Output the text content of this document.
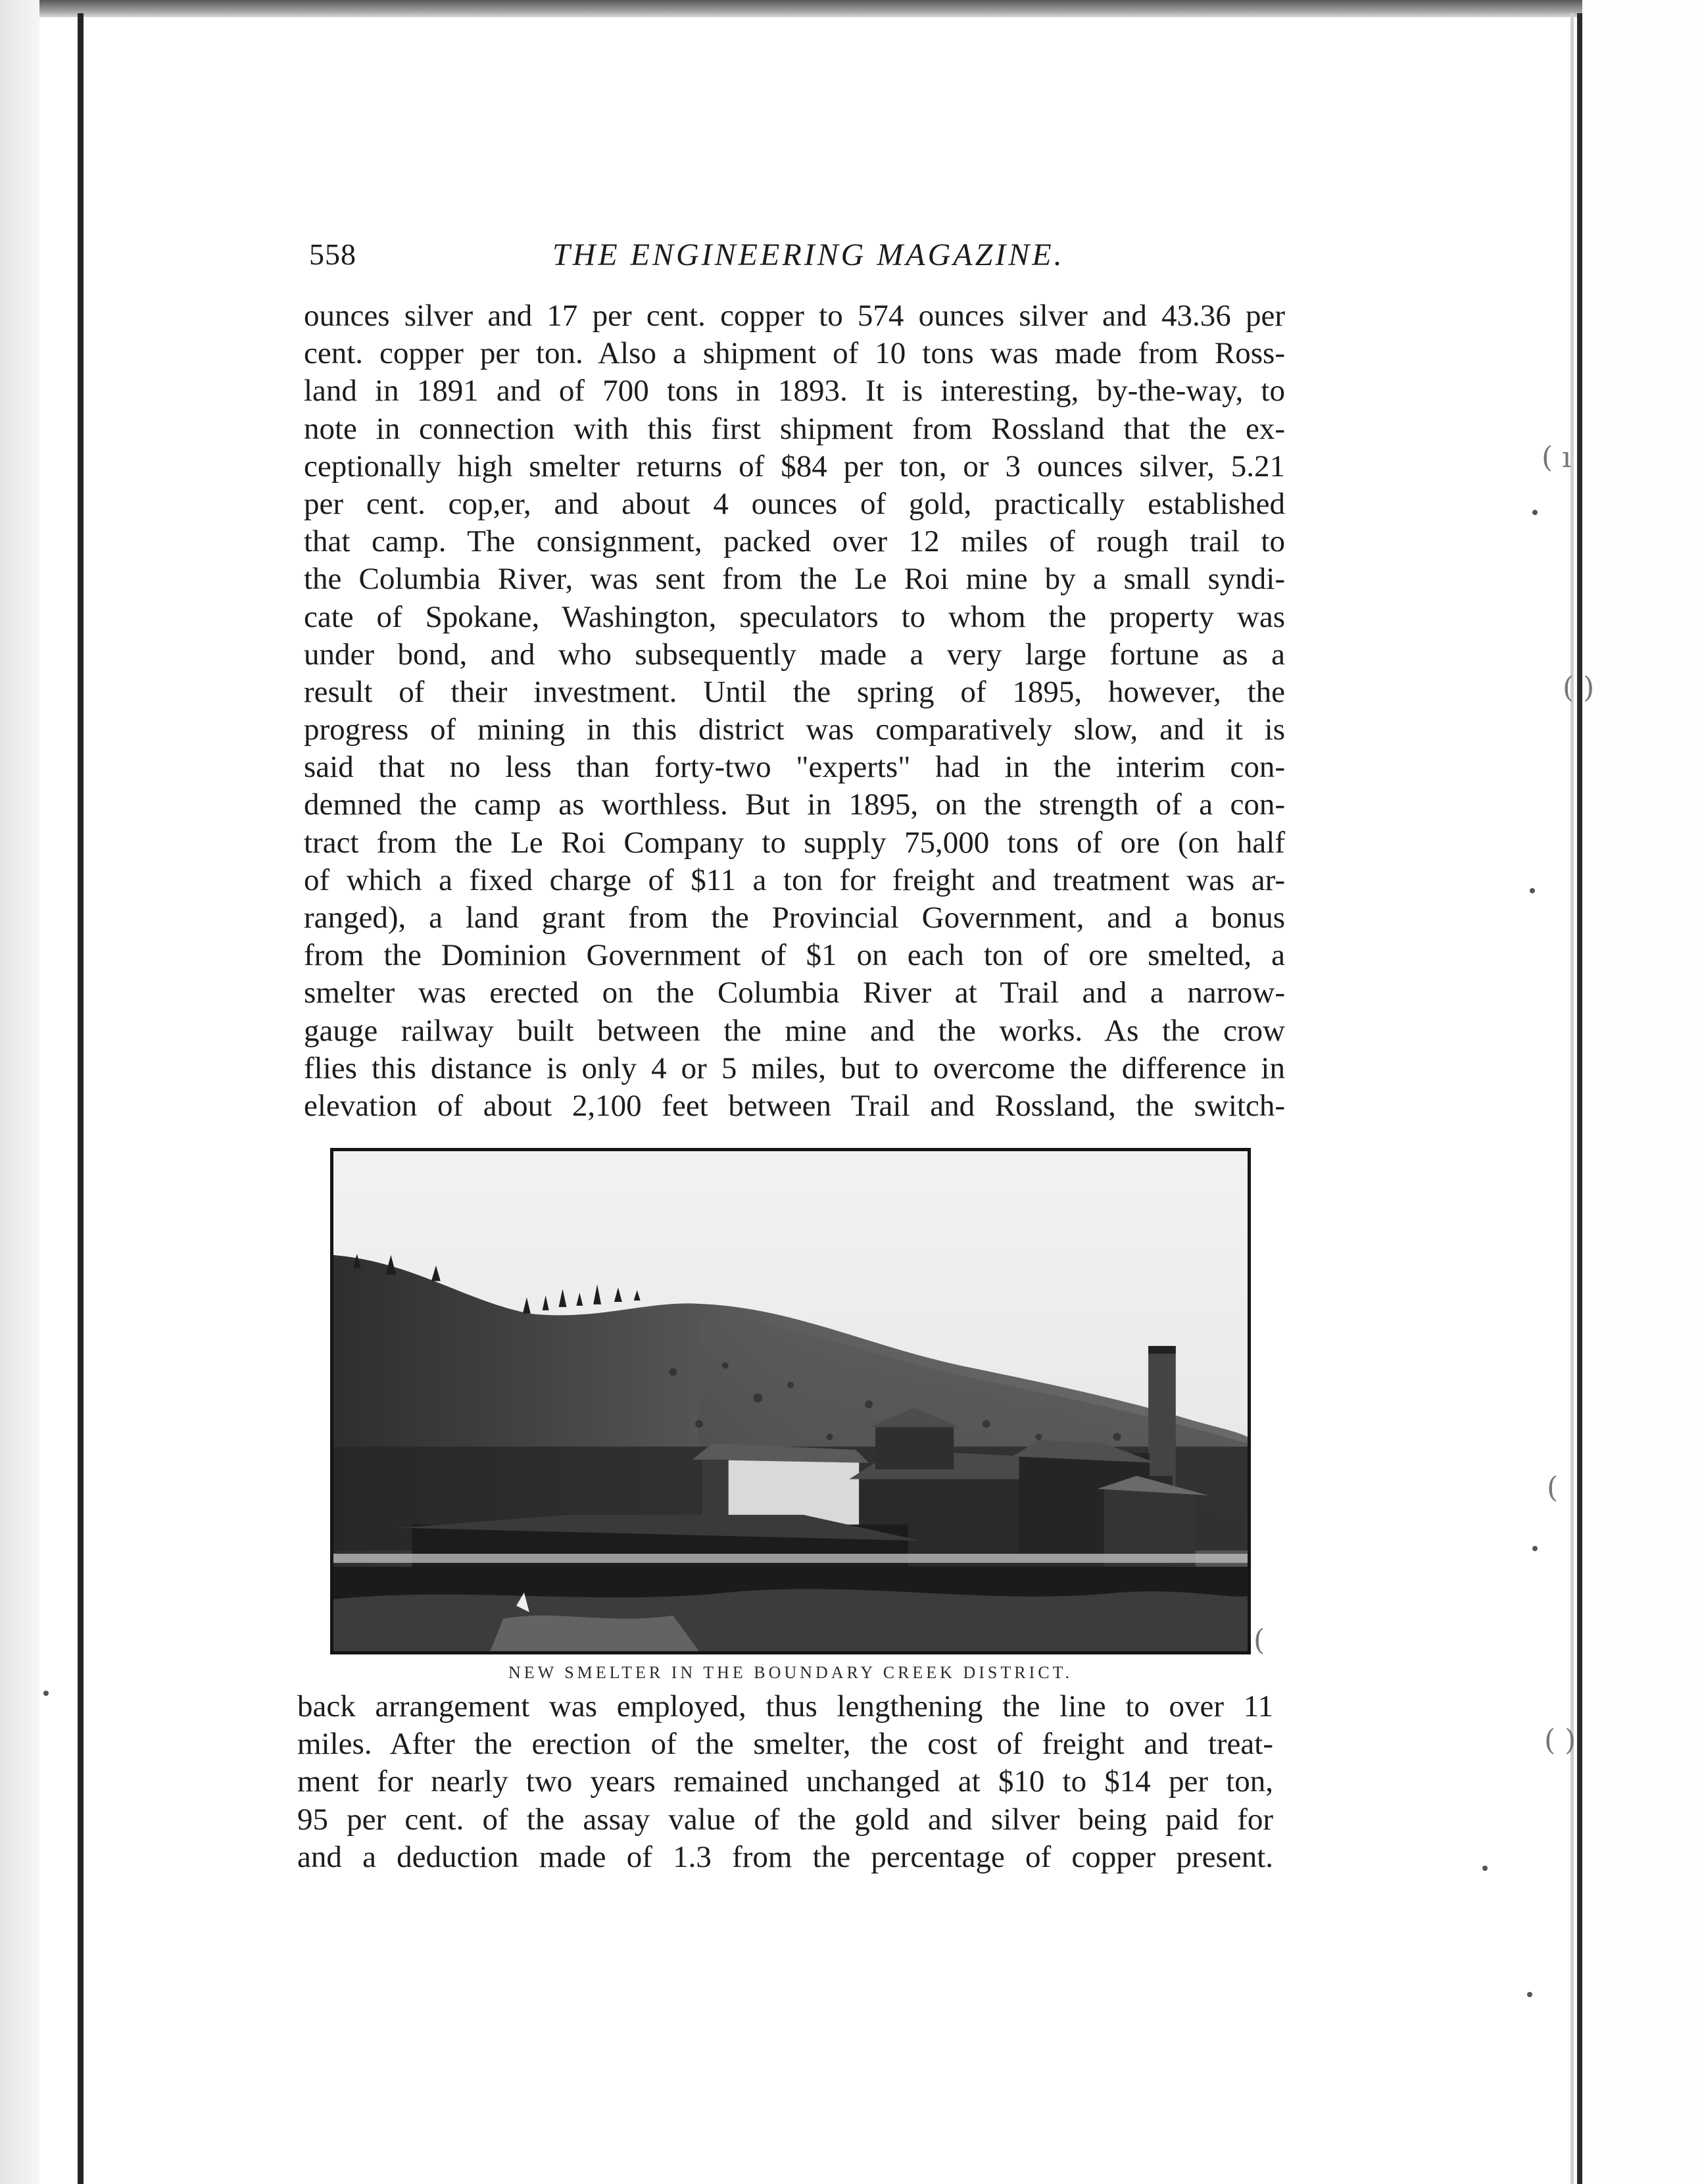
( ı
( )
(
( )
(
558	THE ENGINEERING MAGAZINE.
ounces silver and 17 per cent. copper to 574 ounces silver and 43.36 per
cent. copper per ton. Also a shipment of 10 tons was made from Ross-
land in 1891 and of 700 tons in 1893. It is interesting, by-the-way, to
note in connection with this first shipment from Rossland that the ex-
ceptionally high smelter returns of $84 per ton, or 3 ounces silver, 5.21
per cent. cop,er, and about 4 ounces of gold, practically established
that camp. The consignment, packed over 12 miles of rough trail to
the Columbia River, was sent from the Le Roi mine by a small syndi-
cate of Spokane, Washington, speculators to whom the property was
under bond, and who subsequently made a very large fortune as a
result of their investment. Until the spring of 1895, however, the
progress of mining in this district was comparatively slow, and it is
said that no less than forty-two "experts" had in the interim con-
demned the camp as worthless. But in 1895, on the strength of a con-
tract from the Le Roi Company to supply 75,000 tons of ore (on half
of which a fixed charge of $11 a ton for freight and treatment was ar-
ranged), a land grant from the Provincial Government, and a bonus
from the Dominion Government of $1 on each ton of ore smelted, a
smelter was erected on the Columbia River at Trail and a narrow-
gauge railway built between the mine and the works. As the crow
flies this distance is only 4 or 5 miles, but to overcome the difference in
elevation of about 2,100 feet between Trail and Rossland, the switch-
NEW SMELTER IN THE BOUNDARY CREEK DISTRICT.
back arrangement was employed, thus lengthening the line to over 11
miles. After the erection of the smelter, the cost of freight and treat-
ment for nearly two years remained unchanged at $10 to $14 per ton,
95 per cent. of the assay value of the gold and silver being paid for
and a deduction made of 1.3 from the percentage of copper present.
